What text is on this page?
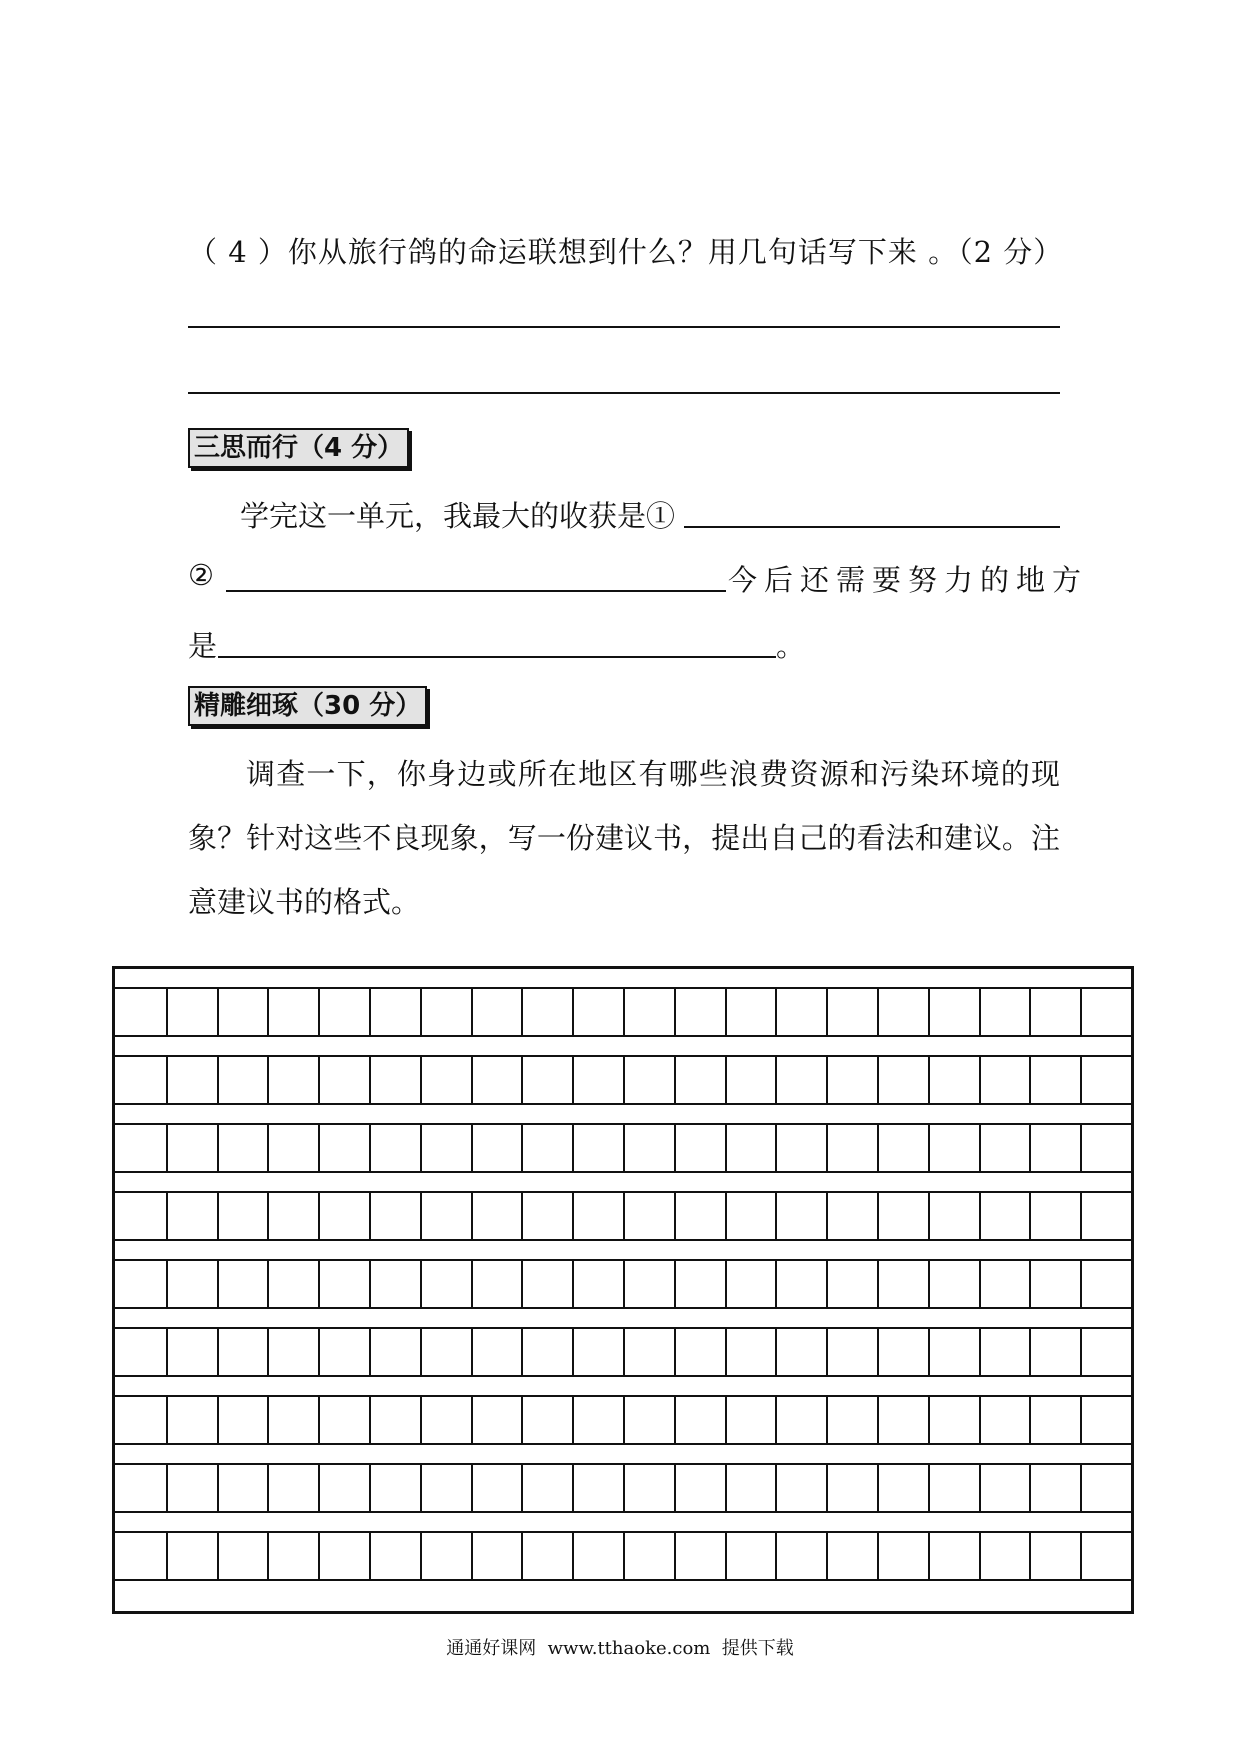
（ 4 ）你从旅行鸽的命运联想到什么？用几句话写下来 。（2 分）
三思而行（4 分）
学完这一单元，我最大的收获是①
②	今后还需要努力的地方
是	。
精雕细琢（30 分）
调查一下，你身边或所在地区有哪些浪费资源和污染环境的现象？针对这些不良现象，写一份建议书，提出自己的看法和建议。注意建议书的格式。
通通好课网  www.tthaoke.com  提供下载
